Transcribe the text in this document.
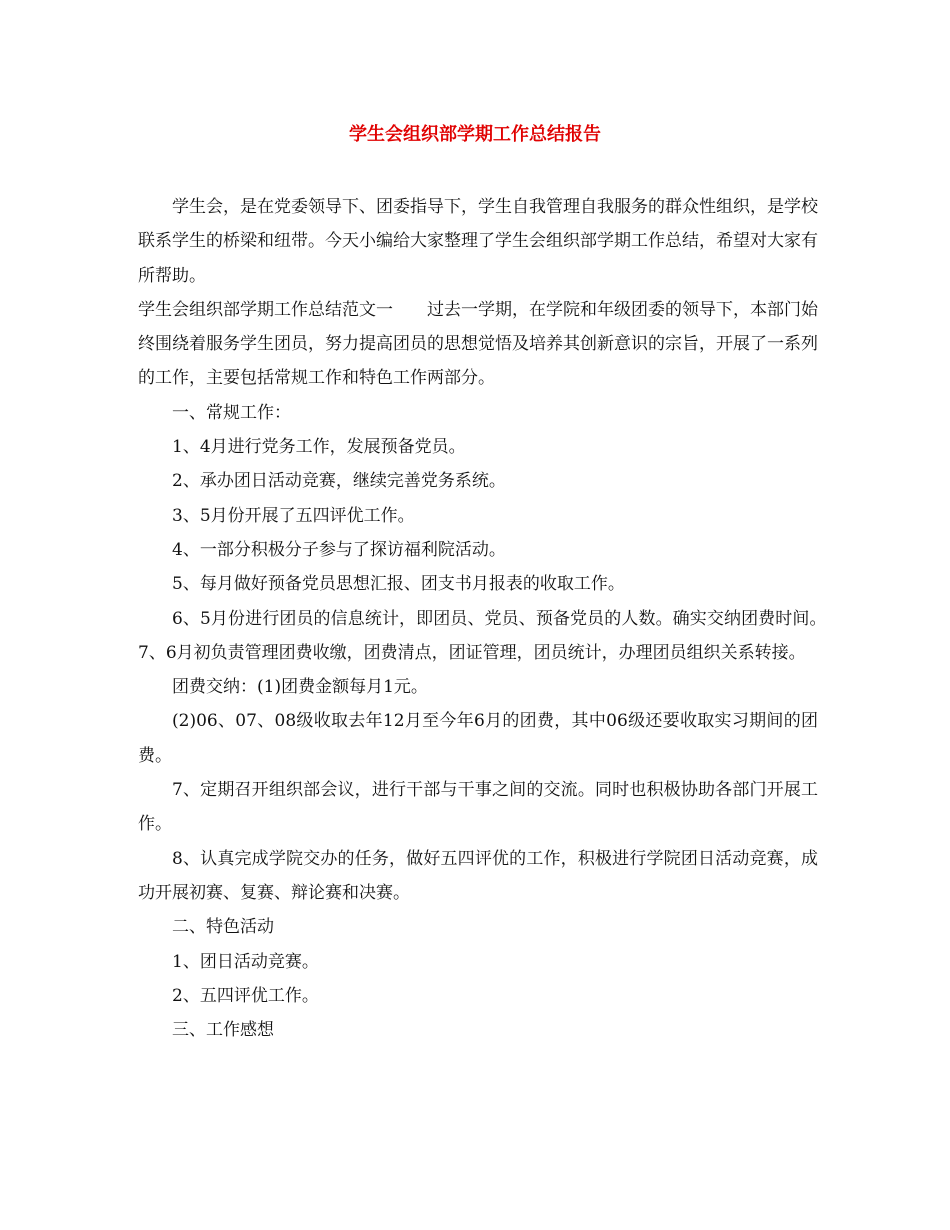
学生会组织部学期工作总结报告

学生会，是在党委领导下、团委指导下，学生自我管理自我服务的群众性组织，是学校联系学生的桥梁和纽带。今天小编给大家整理了学生会组织部学期工作总结，希望对大家有所帮助。

学生会组织部学期工作总结范文一　　过去一学期，在学院和年级团委的领导下，本部门始终围绕着服务学生团员，努力提高团员的思想觉悟及培养其创新意识的宗旨，开展了一系列的工作，主要包括常规工作和特色工作两部分。

一、常规工作：

1、4月进行党务工作，发展预备党员。

2、承办团日活动竞赛，继续完善党务系统。

3、5月份开展了五四评优工作。

4、一部分积极分子参与了探访福利院活动。

5、每月做好预备党员思想汇报、团支书月报表的收取工作。

6、5月份进行团员的信息统计，即团员、党员、预备党员的人数。确实交纳团费时间。　7、6月初负责管理团费收缴，团费清点，团证管理，团员统计，办理团员组织关系转接。

团费交纳：(1)团费金额每月1元。

(2)06、07、08级收取去年12月至今年6月的团费，其中06级还要收取实习期间的团费。

7、定期召开组织部会议，进行干部与干事之间的交流。同时也积极协助各部门开展工作。

8、认真完成学院交办的任务，做好五四评优的工作，积极进行学院团日活动竞赛，成功开展初赛、复赛、辩论赛和决赛。

二、特色活动

1、团日活动竞赛。

2、五四评优工作。

三、工作感想
